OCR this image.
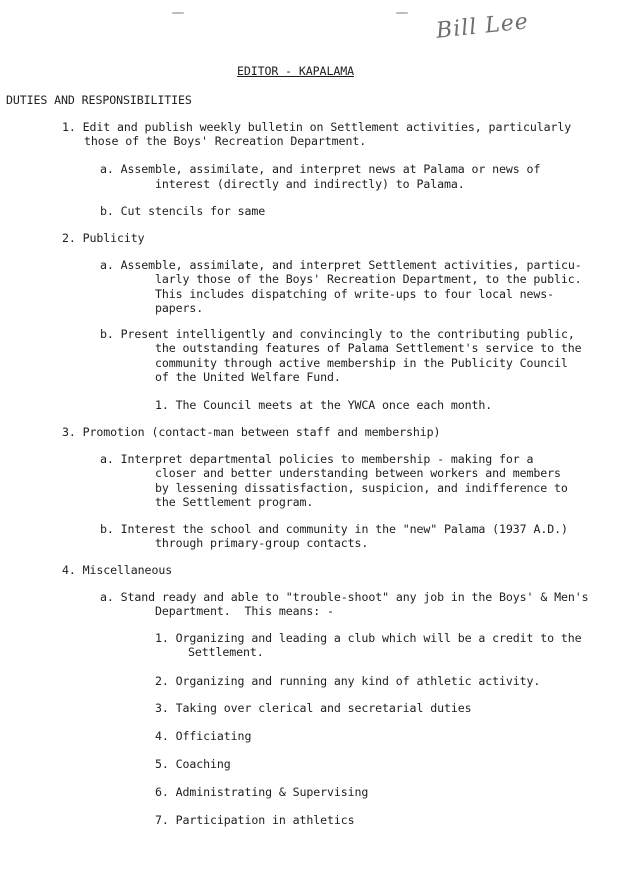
Bill Lee
EDITOR - KAPALAMA
DUTIES AND RESPONSIBILITIES
1. Edit and publish weekly bulletin on Settlement activities, particularly
those of the Boys' Recreation Department.
a. Assemble, assimilate, and interpret news at Palama or news of
interest (directly and indirectly) to Palama.
b. Cut stencils for same
2. Publicity
a. Assemble, assimilate, and interpret Settlement activities, particu-
larly those of the Boys' Recreation Department, to the public.
This includes dispatching of write-ups to four local news-
papers.
b. Present intelligently and convincingly to the contributing public,
the outstanding features of Palama Settlement's service to the
community through active membership in the Publicity Council
of the United Welfare Fund.
1. The Council meets at the YWCA once each month.
3. Promotion (contact-man between staff and membership)
a. Interpret departmental policies to membership - making for a
closer and better understanding between workers and members
by lessening dissatisfaction, suspicion, and indifference to
the Settlement program.
b. Interest the school and community in the "new" Palama (1937 A.D.)
through primary-group contacts.
4. Miscellaneous
a. Stand ready and able to "trouble-shoot" any job in the Boys' & Men's
Department.  This means: -
1. Organizing and leading a club which will be a credit to the
Settlement.
2. Organizing and running any kind of athletic activity.
3. Taking over clerical and secretarial duties
4. Officiating
5. Coaching
6. Administrating & Supervising
7. Participation in athletics
